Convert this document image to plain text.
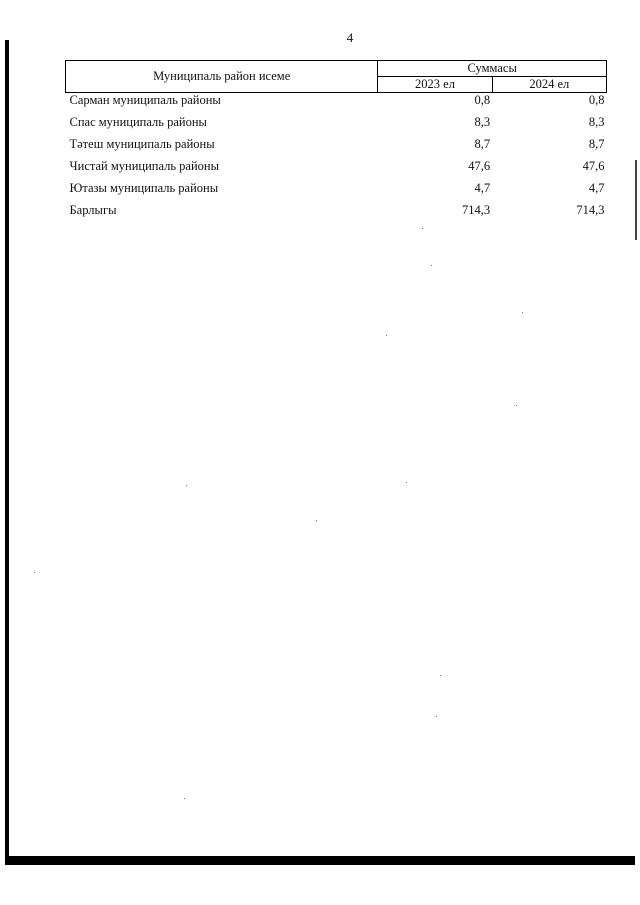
4
Муниципаль район исеме	Суммасы	
	2023 ел	2024 ел
Сарман муниципаль районы	0,8	0,8
Спас муниципаль районы	8,3	8,3
Тәтеш муниципаль районы	8,7	8,7
Чистай муниципаль районы	47,6	47,6
Ютазы муниципаль районы	4,7	4,7
Барлыгы	714,3	714,3
